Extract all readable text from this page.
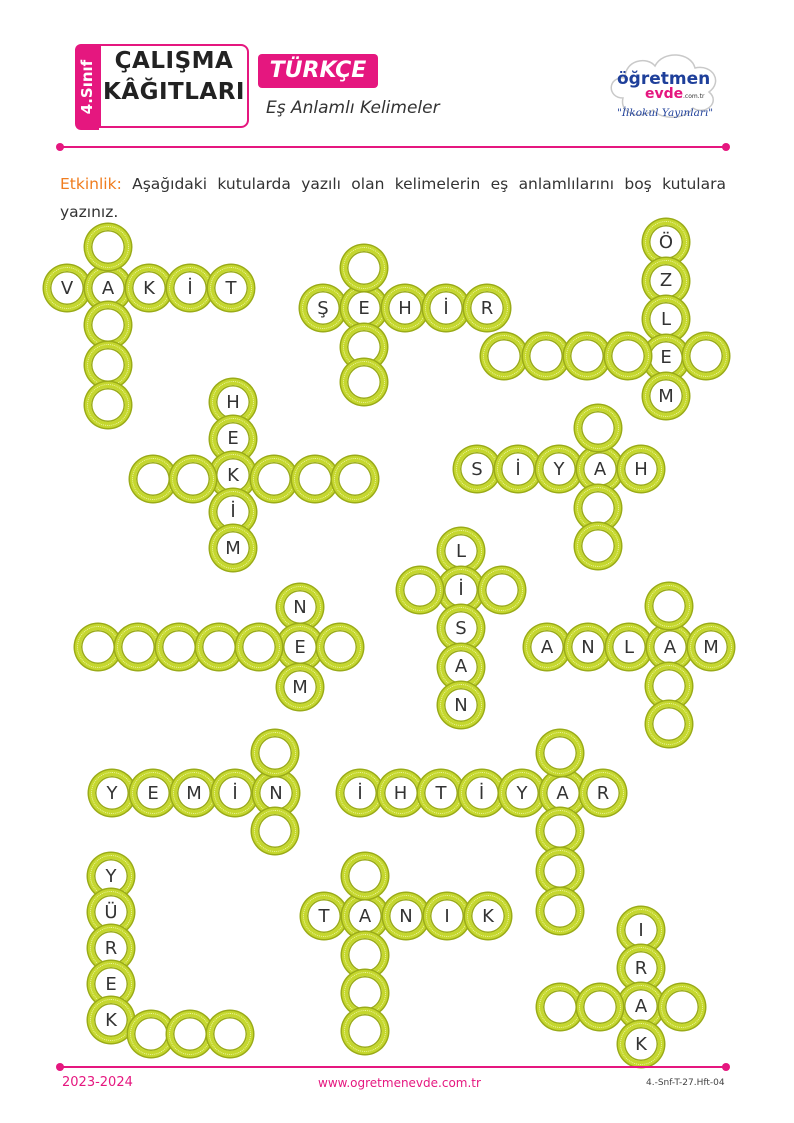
4.Sınıf ÇALIŞMA
KÂĞITLARI
TÜRKÇE
Eş Anlamlı Kelimeler
öğretmen
evde .com.tr
"İlkokul Yayınları"
Etkinlik: Aşağıdaki kutularda yazılı olan kelimelerin eş anlamlılarını boş kutulara yazınız.
V	A	K	İ	T
Ş	E	H	İ	R
Ö
Z
L
E
M
H
E
K
İ
M
S	İ	Y	A	H
L
İ
S
A
N
N
E
M
A	N	L	A	M
Y	E	M	İ	N	İ	H	T	İ	Y	A	R
Y
Ü
R
E
K
T	A	N	I	K
I
R
A
K
2023-2024	www.ogretmenevde.com.tr	4.-Snf-T-27.Hft-04
